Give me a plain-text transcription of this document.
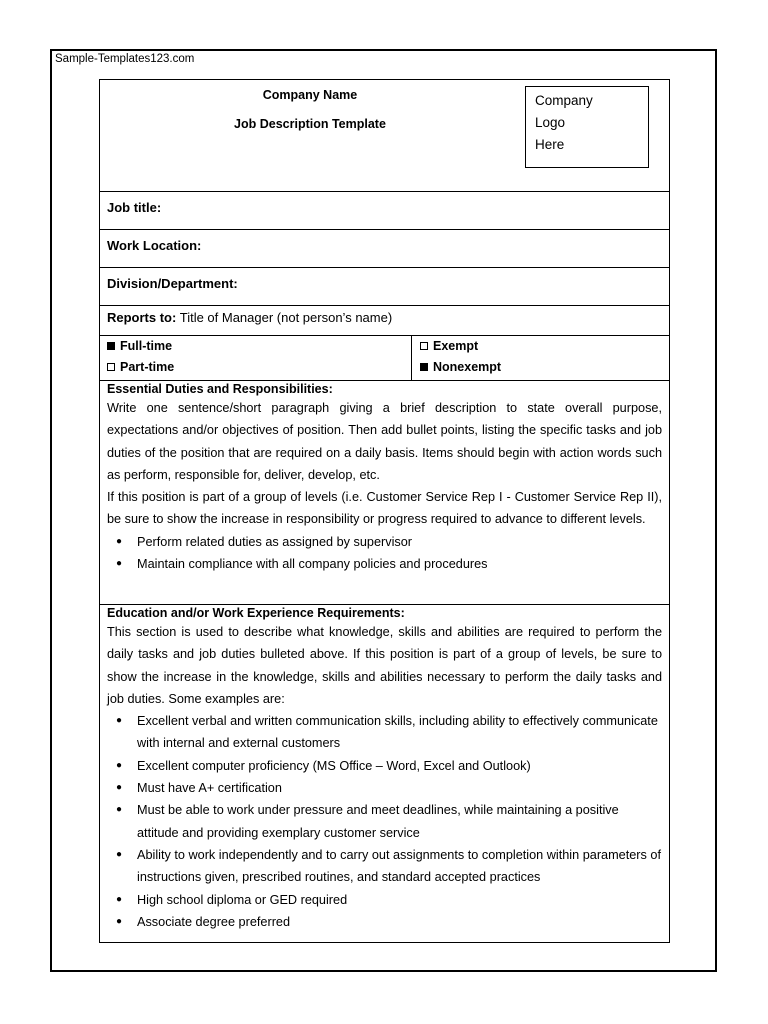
Sample-Templates123.com
Company Name
Job Description Template
Company
Logo
Here
Job title:
Work Location:
Division/Department:
Reports to: Title of Manager (not person’s name)
Full-time
Part-time
Exempt
Nonexempt
Essential Duties and Responsibilities:
Write one sentence/short paragraph giving a brief description to state overall purpose, expectations and/or objectives of position. Then add bullet points, listing the specific tasks and job duties of the position that are required on a daily basis. Items should begin with action words such as perform, responsible for, deliver, develop, etc.
If this position is part of a group of levels (i.e. Customer Service Rep I - Customer Service Rep II), be sure to show the increase in responsibility or progress required to advance to different levels.
● Perform related duties as assigned by supervisor
● Maintain compliance with all company policies and procedures
Education and/or Work Experience Requirements:
This section is used to describe what knowledge, skills and abilities are required to perform the daily tasks and job duties bulleted above. If this position is part of a group of levels, be sure to show the increase in the knowledge, skills and abilities necessary to perform the daily tasks and job duties. Some examples are:
● Excellent verbal and written communication skills, including ability to effectively communicate with internal and external customers
● Excellent computer proficiency (MS Office – Word, Excel and Outlook)
● Must have A+ certification
● Must be able to work under pressure and meet deadlines, while maintaining a positive attitude and providing exemplary customer service
● Ability to work independently and to carry out assignments to completion within parameters of instructions given, prescribed routines, and standard accepted practices
● High school diploma or GED required
● Associate degree preferred
